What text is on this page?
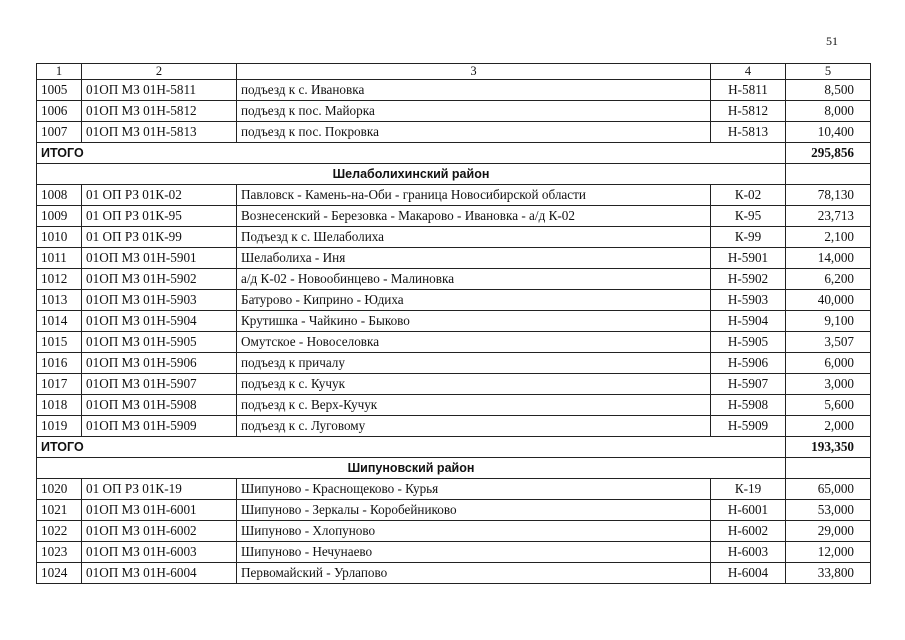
51
1	2	3	4	5
1005	01ОП МЗ 01Н-5811	подъезд к с. Ивановка	Н-5811	8,500
1006	01ОП МЗ 01Н-5812	подъезд к пос. Майорка	Н-5812	8,000
1007	01ОП МЗ 01Н-5813	подъезд к пос. Покровка	Н-5813	10,400
ИТОГО				295,856
Шелаболихинский район				
1008	01 ОП РЗ 01К-02	Павловск - Камень-на-Оби - граница Новосибирской области	К-02	78,130
1009	01 ОП РЗ 01К-95	Вознесенский - Березовка - Макарово - Ивановка - а/д К-02	К-95	23,713
1010	01 ОП РЗ 01К-99	Подъезд к с. Шелаболиха	К-99	2,100
1011	01ОП МЗ 01Н-5901	Шелаболиха - Иня	Н-5901	14,000
1012	01ОП МЗ 01Н-5902	а/д К-02 - Новообинцево - Малиновка	Н-5902	6,200
1013	01ОП МЗ 01Н-5903	Батурово - Киприно - Юдиха	Н-5903	40,000
1014	01ОП МЗ 01Н-5904	Крутишка - Чайкино - Быково	Н-5904	9,100
1015	01ОП МЗ 01Н-5905	Омутское - Новоселовка	Н-5905	3,507
1016	01ОП МЗ 01Н-5906	подъезд к причалу	Н-5906	6,000
1017	01ОП МЗ 01Н-5907	подъезд к с. Кучук	Н-5907	3,000
1018	01ОП МЗ 01Н-5908	подъезд к с. Верх-Кучук	Н-5908	5,600
1019	01ОП МЗ 01Н-5909	подъезд к с. Луговому	Н-5909	2,000
ИТОГО				193,350
Шипуновский район				
1020	01 ОП РЗ 01К-19	Шипуново - Краснощеково - Курья	К-19	65,000
1021	01ОП МЗ 01Н-6001	Шипуново - Зеркалы - Коробейниково	Н-6001	53,000
1022	01ОП МЗ 01Н-6002	Шипуново - Хлопуново	Н-6002	29,000
1023	01ОП МЗ 01Н-6003	Шипуново - Нечунаево	Н-6003	12,000
1024	01ОП МЗ 01Н-6004	Первомайский - Урлапово	Н-6004	33,800
